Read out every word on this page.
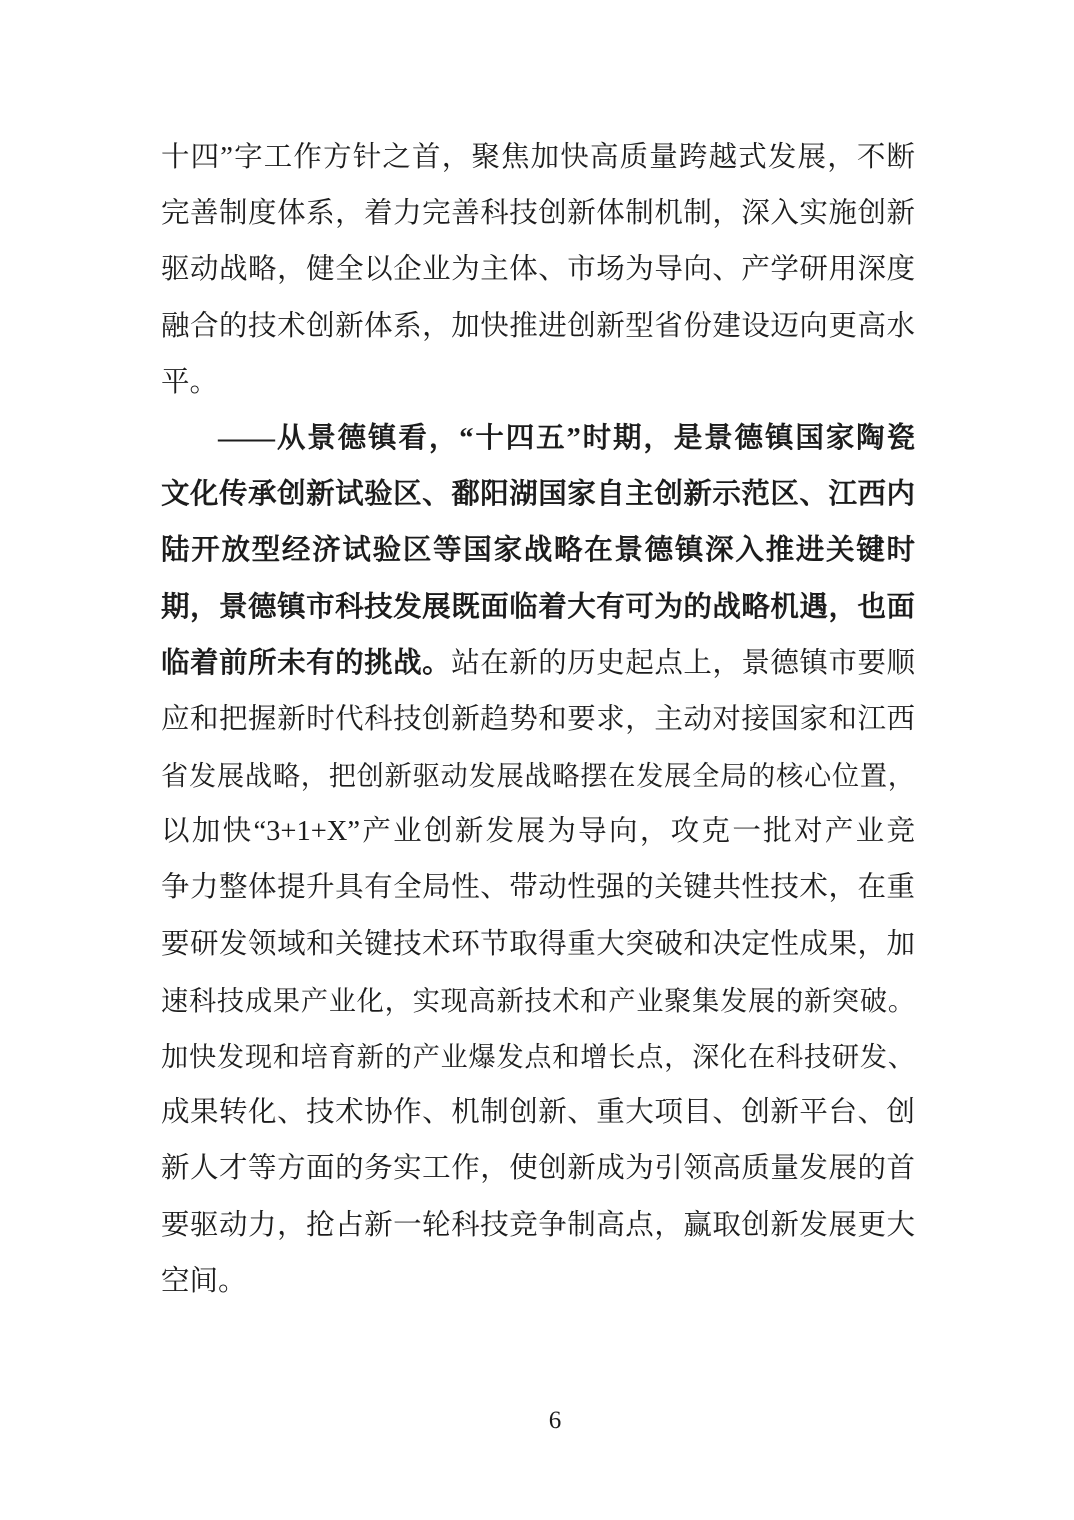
十四”字工作方针之首，聚焦加快高质量跨越式发展，不断
完善制度体系，着力完善科技创新体制机制，深入实施创新
驱动战略，健全以企业为主体、市场为导向、产学研用深度
融合的技术创新体系，加快推进创新型省份建设迈向更高水
平。
——从景德镇看，“十四五”时期，是景德镇国家陶瓷
文化传承创新试验区、鄱阳湖国家自主创新示范区、江西内
陆开放型经济试验区等国家战略在景德镇深入推进关键时
期，景德镇市科技发展既面临着大有可为的战略机遇，也面
临着前所未有的挑战。站在新的历史起点上，景德镇市要顺
应和把握新时代科技创新趋势和要求，主动对接国家和江西
省发展战略，把创新驱动发展战略摆在发展全局的核心位置，
以加快“3+1+X”产业创新发展为导向，攻克一批对产业竞
争力整体提升具有全局性、带动性强的关键共性技术，在重
要研发领域和关键技术环节取得重大突破和决定性成果，加
速科技成果产业化，实现高新技术和产业聚集发展的新突破。
加快发现和培育新的产业爆发点和增长点，深化在科技研发、
成果转化、技术协作、机制创新、重大项目、创新平台、创
新人才等方面的务实工作，使创新成为引领高质量发展的首
要驱动力，抢占新一轮科技竞争制高点，赢取创新发展更大
空间。
6
